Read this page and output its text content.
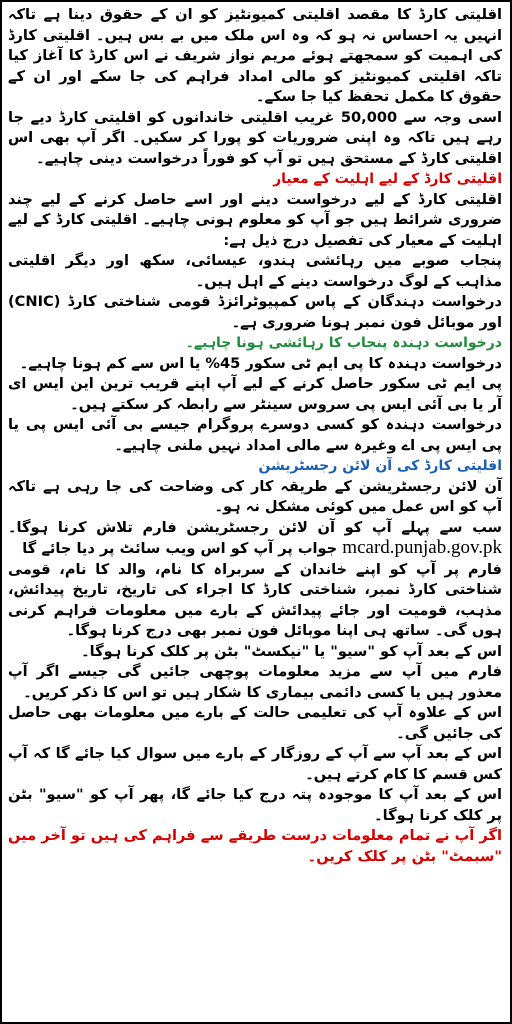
اقلیتی کارڈ کا مقصد اقلیتی کمیونٹیز کو ان کے حقوق دینا ہے تاکہ انہیں یہ احساس نہ ہو کہ وہ اس ملک میں بے بس ہیں۔ اقلیتی کارڈ کی اہمیت کو سمجھتے ہوئے مریم نواز شریف نے اس کارڈ کا آغاز کیا تاکہ اقلیتی کمیونٹیز کو مالی امداد فراہم کی جا سکے اور ان کے حقوق کا مکمل تحفظ کیا جا سکے۔

اسی وجہ سے 50,000 غریب اقلیتی خاندانوں کو اقلیتی کارڈ دیے جا رہے ہیں تاکہ وہ اپنی ضروریات کو پورا کر سکیں۔ اگر آپ بھی اس اقلیتی کارڈ کے مستحق ہیں تو آپ کو فوراً درخواست دینی چاہیے۔

اقلیتی کارڈ کے لیے اہلیت کے معیار

اقلیتی کارڈ کے لیے درخواست دینے اور اسے حاصل کرنے کے لیے چند ضروری شرائط ہیں جو آپ کو معلوم ہونی چاہیے۔ اقلیتی کارڈ کے لیے اہلیت کے معیار کی تفصیل درج ذیل ہے:

پنجاب صوبے میں رہائشی ہندو، عیسائی، سکھ اور دیگر اقلیتی مذاہب کے لوگ درخواست دینے کے اہل ہیں۔

درخواست دہندگان کے پاس کمپیوٹرائزڈ قومی شناختی کارڈ (CNIC) اور موبائل فون نمبر ہونا ضروری ہے۔

درخواست دہندہ پنجاب کا رہائشی ہونا چاہیے۔

درخواست دہندہ کا پی ایم ٹی سکور 45% یا اس سے کم ہونا چاہیے۔

پی ایم ٹی سکور حاصل کرنے کے لیے آپ اپنے قریب ترین این ایس ای آر یا بی آئی ایس پی سروس سینٹر سے رابطہ کر سکتے ہیں۔

درخواست دہندہ کو کسی دوسرے پروگرام جیسے بی آئی ایس پی یا پی ایس پی اے وغیرہ سے مالی امداد نہیں ملنی چاہیے۔

اقلیتی کارڈ کی آن لائن رجسٹریشن

آن لائن رجسٹریشن کے طریقہ کار کی وضاحت کی جا رہی ہے تاکہ آپ کو اس عمل میں کوئی مشکل نہ ہو۔

سب سے پہلے آپ کو آن لائن رجسٹریشن فارم تلاش کرنا ہوگا۔ mcard.punjab.gov.pk جواب پر آپ کو اس ویب سائٹ پر دیا جائے گا

فارم پر آپ کو اپنے خاندان کے سربراہ کا نام، والد کا نام، قومی شناختی کارڈ نمبر، شناختی کارڈ کا اجراء کی تاریخ، تاریخ پیدائش، مذہب، قومیت اور جائے پیدائش کے بارے میں معلومات فراہم کرنی ہوں گی۔ ساتھ ہی اپنا موبائل فون نمبر بھی درج کرنا ہوگا۔

اس کے بعد آپ کو "سیو" یا "نیکسٹ" بٹن پر کلک کرنا ہوگا۔

فارم میں آپ سے مزید معلومات پوچھی جائیں گی جیسے اگر آپ معذور ہیں یا کسی دائمی بیماری کا شکار ہیں تو اس کا ذکر کریں۔

اس کے علاوہ آپ کی تعلیمی حالت کے بارے میں معلومات بھی حاصل کی جائیں گی۔

اس کے بعد آپ سے آپ کے روزگار کے بارے میں سوال کیا جائے گا کہ آپ کس قسم کا کام کرتے ہیں۔

اس کے بعد آپ کا موجودہ پتہ درج کیا جائے گا، پھر آپ کو "سیو" بٹن پر کلک کرنا ہوگا۔

اگر آپ نے تمام معلومات درست طریقے سے فراہم کی ہیں تو آخر میں "سبمٹ" بٹن پر کلک کریں۔
